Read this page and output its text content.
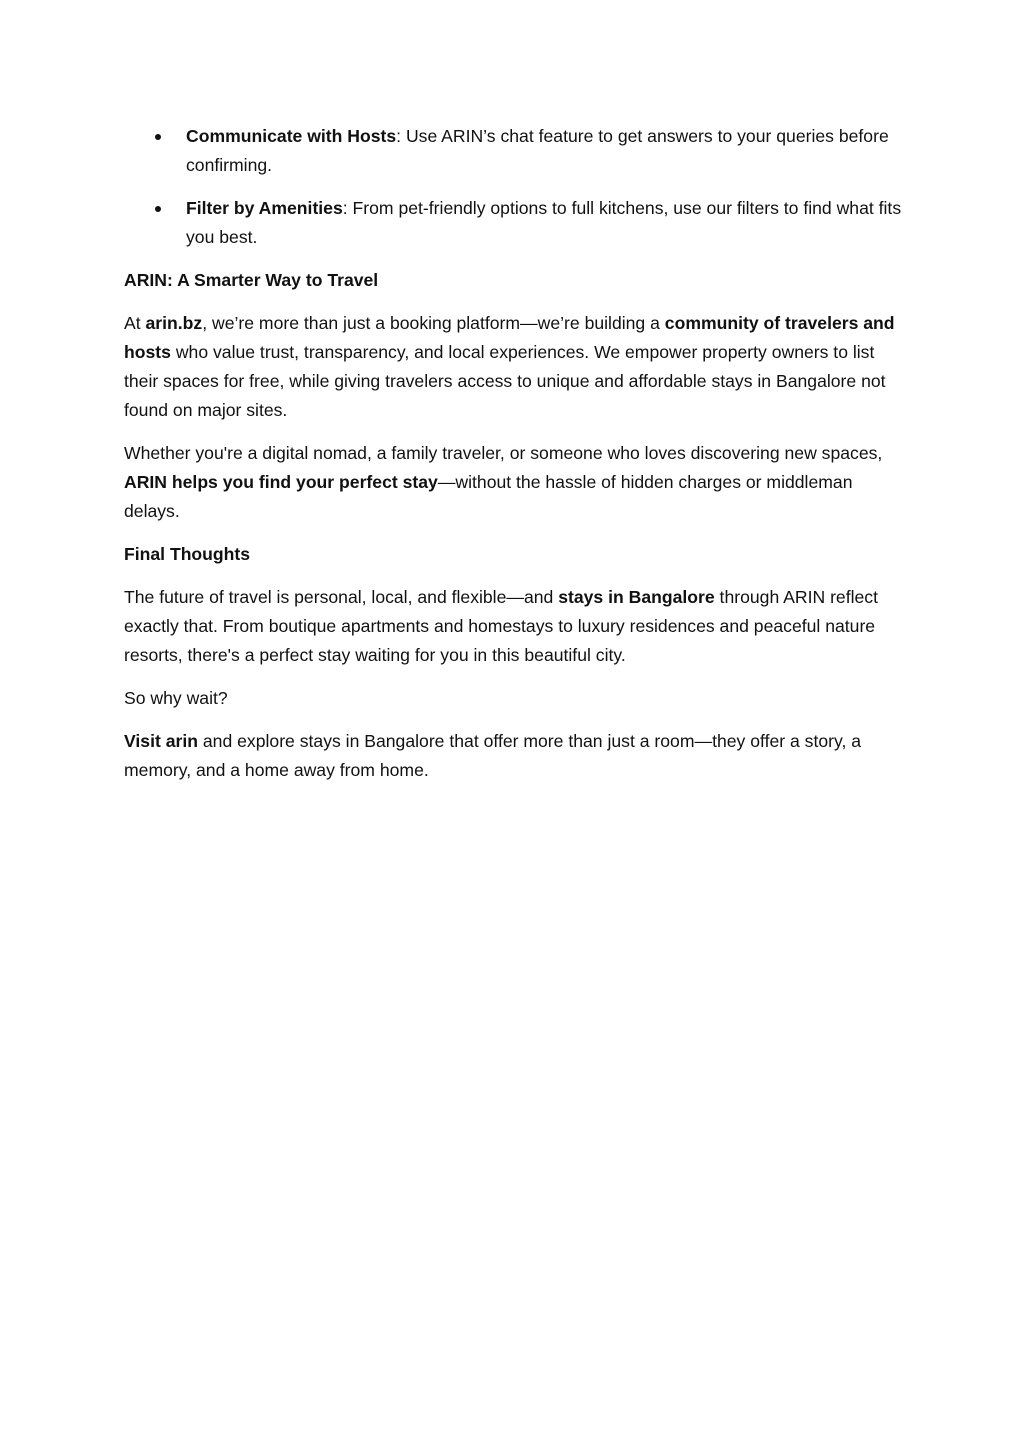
Communicate with Hosts: Use ARIN’s chat feature to get answers to your queries before confirming.
Filter by Amenities: From pet-friendly options to full kitchens, use our filters to find what fits you best.

ARIN: A Smarter Way to Travel

At arin.bz, we’re more than just a booking platform—we’re building a community of travelers and hosts who value trust, transparency, and local experiences. We empower property owners to list their spaces for free, while giving travelers access to unique and affordable stays in Bangalore not found on major sites.

Whether you're a digital nomad, a family traveler, or someone who loves discovering new spaces, ARIN helps you find your perfect stay—without the hassle of hidden charges or middleman delays.

Final Thoughts

The future of travel is personal, local, and flexible—and stays in Bangalore through ARIN reflect exactly that. From boutique apartments and homestays to luxury residences and peaceful nature resorts, there's a perfect stay waiting for you in this beautiful city.

So why wait?

Visit arin and explore stays in Bangalore that offer more than just a room—they offer a story, a memory, and a home away from home.
